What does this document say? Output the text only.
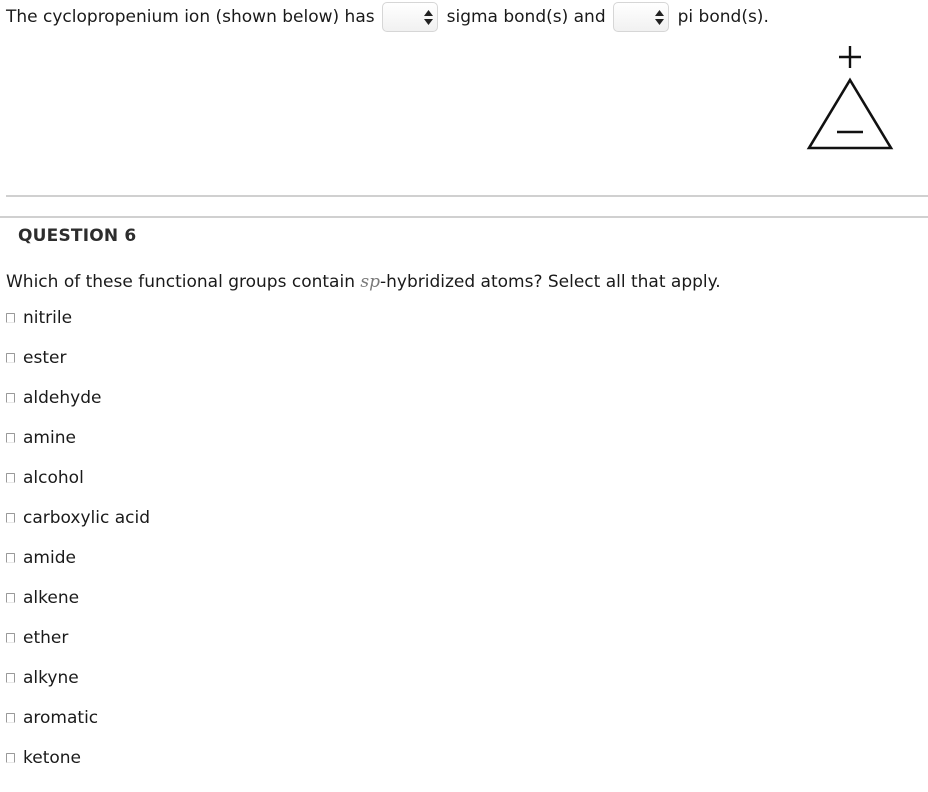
The cyclopropenium ion (shown below) has	sigma bond(s) and	pi bond(s).
QUESTION 6
Which of these functional groups contain sp-hybridized atoms? Select all that apply.
nitrile
ester
aldehyde
amine
alcohol
carboxylic acid
amide
alkene
ether
alkyne
aromatic
ketone
